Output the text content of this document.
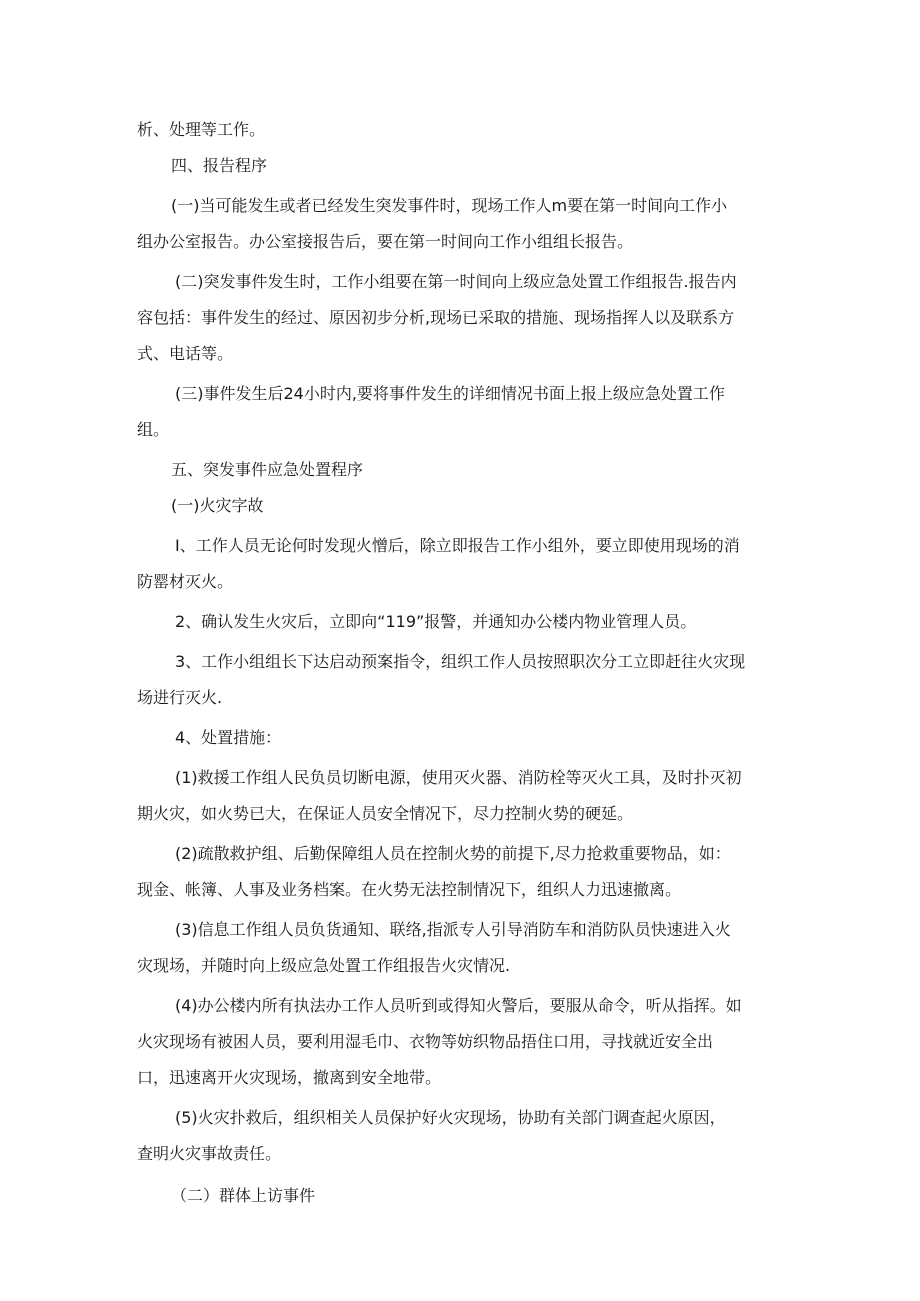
析、处理等工作。

四、报告程序

(一)当可能发生或者已经发生突发事件时，现场工作人m要在第一时间向工作小
组办公室报告。办公室接报告后，要在第一时间向工作小组组长报告。

(二)突发事件发生时，工作小组要在第一时间向上级应急处置工作组报告.报告内
容包括：事件发生的经过、原因初步分析,现场已采取的措施、现场指挥人以及联系方
式、电话等。

(三)事件发生后24小时内,要将事件发生的详细情况书面上报上级应急处置工作
组。

五、突发事件应急处置程序

(一)火灾字故

I、工作人员无论何时发现火憎后，除立即报告工作小组外，要立即使用现场的消
防罂材灭火。

2、确认发生火灾后，立即向“119”报警，并通知办公楼内物业管理人员。

3、工作小组组长下达启动预案指令，组织工作人员按照职次分工立即赶往火灾现
场进行灭火.

4、处置措施：

(1)救援工作组人民负员切断电源，使用灭火器、消防栓等灭火工具，及时扑灭初
期火灾，如火势已大，在保证人员安全情况下，尽力控制火势的硬延。

(2)疏散救护组、后勤保障组人员在控制火势的前提下,尽力抢救重要物品，如：
现金、帐簿、人事及业务档案。在火势无法控制情况下，组织人力迅速撤离。

(3)信息工作组人员负货通知、联络,指派专人引导消防车和消防队员快速进入火
灾现场，并随时向上级应急处置工作组报告火灾情况.

(4)办公楼内所有执法办工作人员听到或得知火警后，要服从命令，听从指挥。如
火灾现场有被困人员，要利用湿毛巾、衣物等妨织物品捂住口用，寻找就近安全出
口，迅速离开火灾现场，撤离到安全地带。

(5)火灾扑救后，组织相关人员保护好火灾现场，协助有关部门调查起火原因，
查明火灾事故责任。

（二）群体上访事件
